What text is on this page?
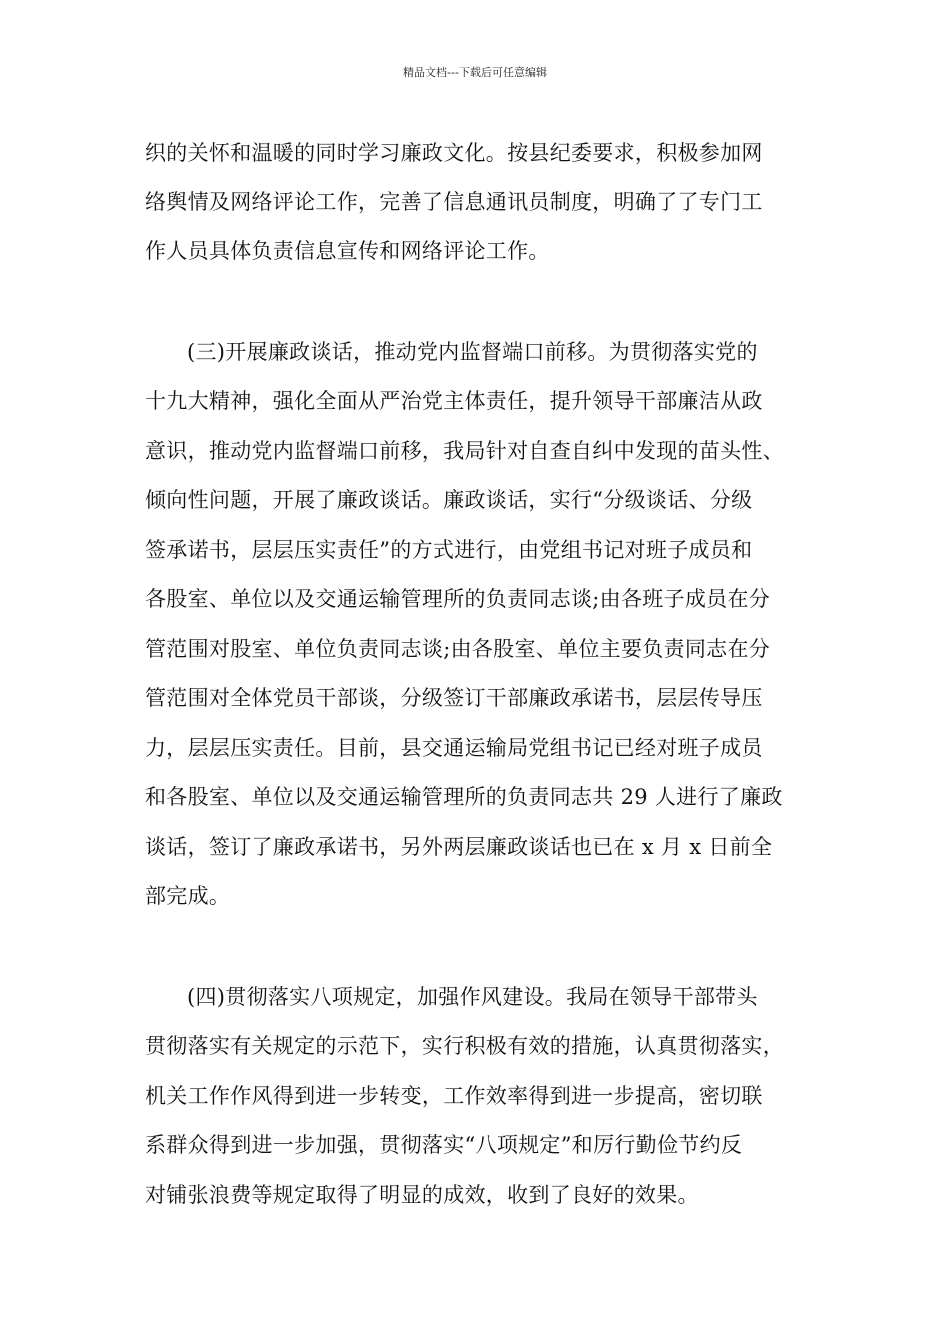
精品文档---下载后可任意编辑
织的关怀和温暖的同时学习廉政文化。按县纪委要求，积极参加网
络舆情及网络评论工作，完善了信息通讯员制度，明确了了专门工
作人员具体负责信息宣传和网络评论工作。
(三)开展廉政谈话，推动党内监督端口前移。为贯彻落实党的
十九大精神，强化全面从严治党主体责任，提升领导干部廉洁从政
意识，推动党内监督端口前移，我局针对自查自纠中发现的苗头性、
倾向性问题，开展了廉政谈话。廉政谈话，实行“分级谈话、分级
签承诺书，层层压实责任”的方式进行，由党组书记对班子成员和
各股室、单位以及交通运输管理所的负责同志谈;由各班子成员在分
管范围对股室、单位负责同志谈;由各股室、单位主要负责同志在分
管范围对全体党员干部谈，分级签订干部廉政承诺书，层层传导压
力，层层压实责任。目前，县交通运输局党组书记已经对班子成员
和各股室、单位以及交通运输管理所的负责同志共 29 人进行了廉政
谈话，签订了廉政承诺书，另外两层廉政谈话也已在 x 月 x 日前全
部完成。
(四)贯彻落实八项规定，加强作风建设。我局在领导干部带头
贯彻落实有关规定的示范下，实行积极有效的措施，认真贯彻落实，
机关工作作风得到进一步转变，工作效率得到进一步提高，密切联
系群众得到进一步加强，贯彻落实“八项规定”和厉行勤俭节约反
对铺张浪费等规定取得了明显的成效，收到了良好的效果。
